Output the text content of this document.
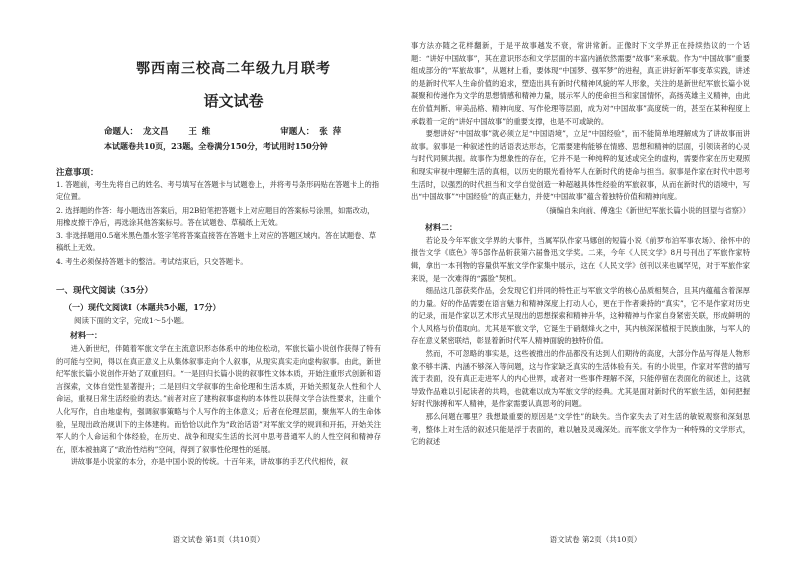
鄂西南三校高二年级九月联考
语文试卷
命题人： 龙文昌 王 维	审题人： 张 萍
本试题卷共10页，23题。全卷满分150分，考试用时150分钟
注意事项：

1. 答题前，考生先将自己的姓名、考号填写在答题卡与试题卷上，并将考号条形码贴在答题卡上的指定位置。

2. 选择题的作答：每小题选出答案后，用2B铅笔把答题卡上对应题目的答案标号涂黑，如需改动，用橡皮擦干净后，再选涂其他答案标号。答在试题卷、草稿纸上无效。

3. 非选择题用0.5毫米黑色墨水签字笔将答案直接答在答题卡上对应的答题区域内。答在试题卷、草稿纸上无效。

4. 考生必须保持答题卡的整洁。考试结束后，只交答题卡。

一、现代文阅读（35分）
（一）现代文阅读Ⅰ（本题共5小题，17分）
阅读下面的文字，完成1～5小题。
材料一：

进入新世纪，伴随着军旅文学在主流意识形态体系中的地位松动，军旅长篇小说创作获得了特有的可能与空间，得以在真正意义上从集体叙事走向个人叙事，从现实真实走向虚构叙事。由此，新世纪军旅长篇小说创作开始了双重回归。“一是回归长篇小说的叙事性文体本质，开始注重形式创新和语言探索，文体自觉性显著提升；二是回归文学叙事的生命伦理和生活本质，开始关照复杂人性和个人命运，重视日常生活经验的表达。”前者对应了建构叙事虚构的本体性以获得文学合法性要求，注重个人化写作，自由地虚构，强调叙事策略与个人写作的主体意义；后者在伦理层面，聚焦军人的生命体验，呈现出政治规训下的主体建构。而恰恰以此作为“政治话语”对军旅文学的规训和开拓，开始关注军人的个人命运和个体经验，在历史、战争和现实生活的长河中思考普通军人的人性空间和精神存在，原本被抽离了“政治性结构”空间，得到了叙事性伦理性的延展。

讲故事是小说家的本分，亦是中国小说的传统。十百年来，讲故事的手艺代代相传，叙

语文试卷 第1页（共10页）

事方法亦随之花样翻新，于是平故事越发不衰，常讲常新。正像时下文学界正在持续热议的一个话题：“讲好中国故事”，其在意识形态和文学层面的丰富内涵依然需要“故事”来承载。作为“中国故事”重要组成部分的“军旅故事”，从题材上看，要体现“中国梦、强军梦”的进程，真正讲好新军事变革实践，讲述的是新时代军人生命价值的追求，塑造出具有新时代精神风貌的军人形象，关注的是新世纪军旅长篇小说凝聚和传递作为文学的思想情感和精神力量，展示军人的使命担当和家国情怀，高扬英雄主义精神，由此在价值判断、审美品格、精神向度、写作伦理等层面，成为对“中国故事”高度统一的，甚至在某种程度上承载着一定的“讲好中国故事”的重要支撑，也是不可或缺的。

要想讲好“中国故事”就必须立足“中国语境”，立足“中国经验”，而不能简单地理解成为了讲故事而讲故事。叙事是一种叙述性的话语表达形态，它需要建构能够在情感、思想和精神的层面，引领读者的心灵与时代同频共振。故事作为想象性的存在，它并不是一种纯粹的复述或完全的虚构，需要作家在历史观照和现实审视中理解生活的真相，以历史的眼光看待军人在新时代的使命与担当。叙事是作家在时代中思考生活时，以强烈的时代担当和文学自觉创造一种超越具体性经验的军旅叙事，从而在新时代的语境中，写出“中国故事”“中国经验”的真正魅力，并使“中国故事”蕴含着独特价值和精神向度。

（摘编自朱向前、傅逸尘《新世纪军旅长篇小说的回望与省察》）
材料二：

若论及今年军旅文学界的大事件，当属军队作家马娜创的短篇小说《前罗布泊军事农场》、徐怀中的报告文学《底色》等5部作品斩获第六届鲁迅文学奖。二来，今年《人民文学》8月号刊出了军旅作家特辑，拿出一本刊物的容量供军旅文学作家集中展示，这在《人民文学》创刊以来也属罕见，对于军旅作家来说，是一次难得的“露脸”契机。

细品这几部获奖作品，会发现它们并同的特性正与军旅文学的核心品质相契合，且其内蕴蕴含着深厚的力量。好的作品需要在语言魅力和精神深度上打动人心，更在于作者秉持的“真实”，它不是作家对历史的记录，而是作家以艺术形式呈现出的思想探索和精神升华，这种精神与作家自身紧密关联，形成鲜明的个人风格与价值取向。尤其是军旅文学，它诞生于硝烟烽火之中，其内核深深植根于民族血脉，与军人的存在意义紧密联结，彰显着新时代军人精神面貌的独特价值。

然而，不可忽略的事实是，这些被推出的作品都没有达到人们期待的高度，大部分作品写得是人物形象不够丰满、内涵不够深入等问题，这与作家缺乏真实的生活体验有关。有的小说里，作家对军营的描写流于表面，没有真正走进军人的内心世界，或者对一些事件理解不深，只能停留在表面化的叙述上，这就导致作品难以引起读者的共鸣，也就难以成为军旅文学的经典。尤其是面对新时代的军旅生活，如何把握好时代脉搏和军人精神，是作家需要认真思考的问题。

那么问题在哪里？我想最重要的原因是“文学性”的缺失。当作家失去了对生活的敏锐观察和深刻思考，整体上对生活的叙述只能是浮于表面的，难以触及灵魂深处。而军旅文学作为一种特殊的文学形式，它的叙述

语文试卷 第2页（共10页）
